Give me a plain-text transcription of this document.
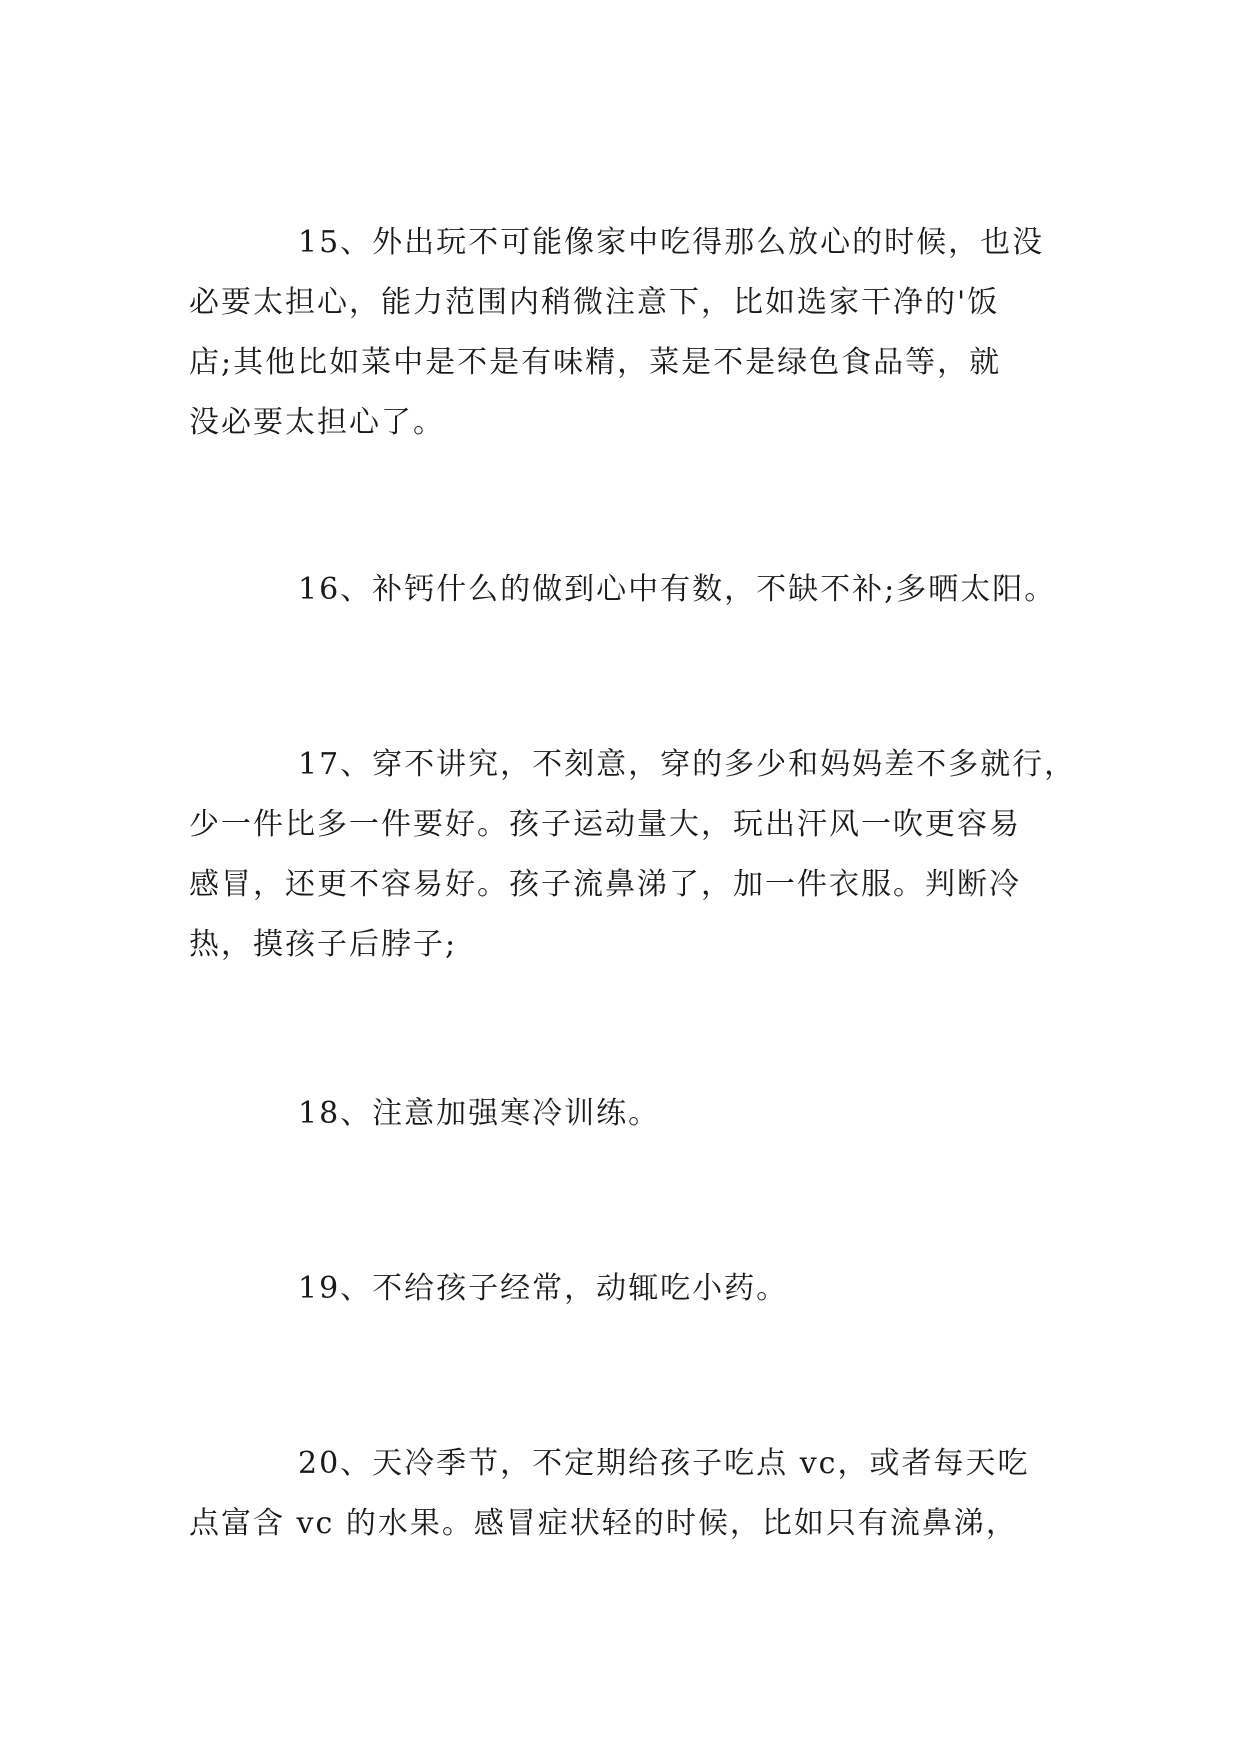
15、外出玩不可能像家中吃得那么放心的时候，也没
必要太担心，能力范围内稍微注意下，比如选家干净的'饭
店;其他比如菜中是不是有味精，菜是不是绿色食品等，就
没必要太担心了。
16、补钙什么的做到心中有数，不缺不补;多晒太阳。
17、穿不讲究，不刻意，穿的多少和妈妈差不多就行，
少一件比多一件要好。孩子运动量大，玩出汗风一吹更容易
感冒，还更不容易好。孩子流鼻涕了，加一件衣服。判断冷
热，摸孩子后脖子;
18、注意加强寒冷训练。
19、不给孩子经常，动辄吃小药。
20、天冷季节，不定期给孩子吃点 vc，或者每天吃
点富含 vc 的水果。感冒症状轻的时候，比如只有流鼻涕，
